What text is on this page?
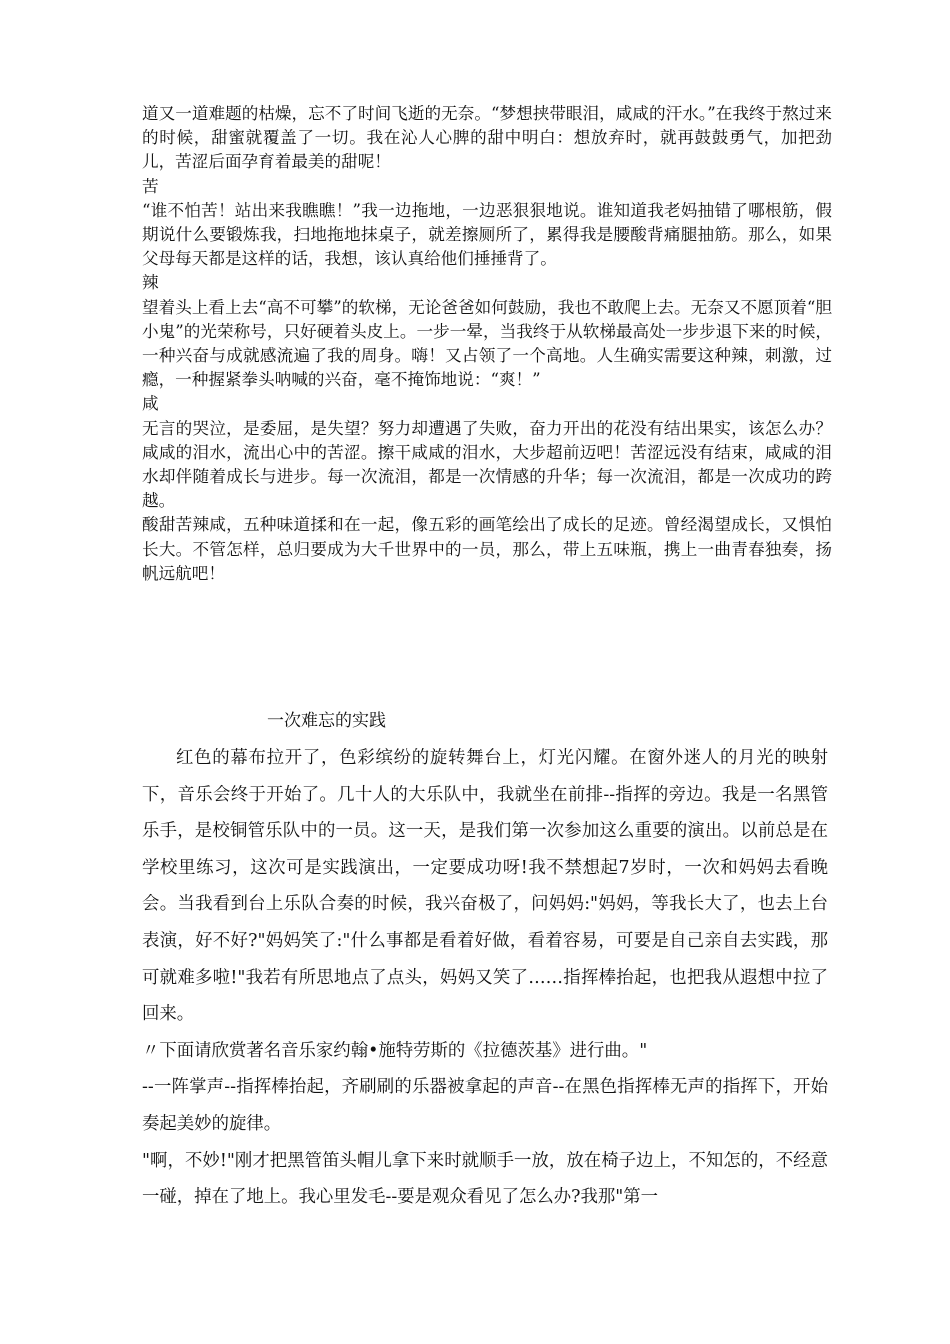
道又一道难题的枯燥，忘不了时间飞逝的无奈。“梦想挟带眼泪，咸咸的汗水。”在我终于熬过来的时候，甜蜜就覆盖了一切。我在沁人心脾的甜中明白：想放弃时，就再鼓鼓勇气，加把劲儿，苦涩后面孕育着最美的甜呢！

苦

“谁不怕苦！站出来我瞧瞧！”我一边拖地，一边恶狠狠地说。谁知道我老妈抽错了哪根筋，假期说什么要锻炼我，扫地拖地抹桌子，就差擦厕所了，累得我是腰酸背痛腿抽筋。那么，如果父母每天都是这样的话，我想，该认真给他们捶捶背了。

辣

望着头上看上去“高不可攀”的软梯，无论爸爸如何鼓励，我也不敢爬上去。无奈又不愿顶着“胆小鬼”的光荣称号，只好硬着头皮上。一步一晕，当我终于从软梯最高处一步步退下来的时候，一种兴奋与成就感流遍了我的周身。嗨！又占领了一个高地。人生确实需要这种辣，刺激，过瘾，一种握紧拳头呐喊的兴奋，毫不掩饰地说：“爽！”

咸

无言的哭泣，是委屈，是失望？努力却遭遇了失败，奋力开出的花没有结出果实，该怎么办？咸咸的泪水，流出心中的苦涩。擦干咸咸的泪水，大步超前迈吧！苦涩远没有结束，咸咸的泪水却伴随着成长与进步。每一次流泪，都是一次情感的升华；每一次流泪，都是一次成功的跨越。

酸甜苦辣咸，五种味道揉和在一起，像五彩的画笔绘出了成长的足迹。曾经渴望成长，又惧怕长大。不管怎样，总归要成为大千世界中的一员，那么，带上五味瓶，携上一曲青春独奏，扬帆远航吧！

一次难忘的实践

红色的幕布拉开了，色彩缤纷的旋转舞台上，灯光闪耀。在窗外迷人的月光的映射下，音乐会终于开始了。几十人的大乐队中，我就坐在前排--指挥的旁边。我是一名黑管乐手，是校铜管乐队中的一员。这一天，是我们第一次参加这么重要的演出。以前总是在学校里练习，这次可是实践演出，一定要成功呀!我不禁想起7岁时，一次和妈妈去看晚会。当我看到台上乐队合奏的时候，我兴奋极了，问妈妈:"妈妈，等我长大了，也去上台表演，好不好?"妈妈笑了:"什么事都是看着好做，看着容易，可要是自己亲自去实践，那可就难多啦!"我若有所思地点了点头，妈妈又笑了……指挥棒抬起，也把我从遐想中拉了回来。

〃下面请欣赏著名音乐家约翰•施特劳斯的《拉德茨基》进行曲。"

--一阵掌声--指挥棒抬起，齐刷刷的乐器被拿起的声音--在黑色指挥棒无声的指挥下，开始奏起美妙的旋律。

"啊，不妙!"刚才把黑管笛头帽儿拿下来时就顺手一放，放在椅子边上，不知怎的，不经意一碰，掉在了地上。我心里发毛--要是观众看见了怎么办?我那"第一
